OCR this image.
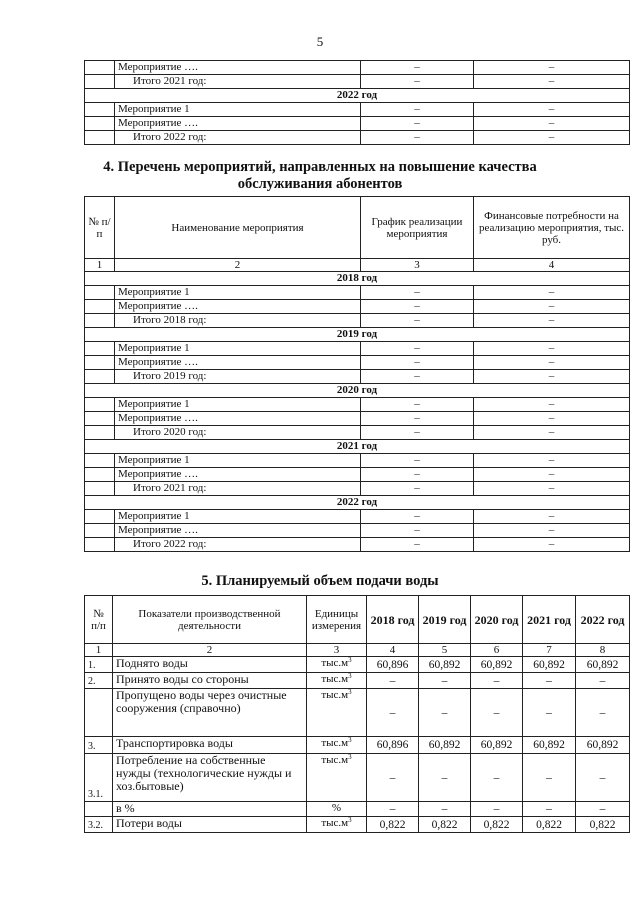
5
	Мероприятие ….	–	–
	Итого 2021 год:	–	–
2022 год			
	Мероприятие 1	–	–
	Мероприятие ….	–	–
	Итого 2022 год:	–	–
4. Перечень мероприятий, направленных на повышение качества
обслуживания абонентов
№ п/п	Наименование мероприятия	График реализации мероприятия	Финансовые потребности на реализацию мероприятия, тыс. руб.
1	2	3	4
2018 год			
	Мероприятие 1	–	–
	Мероприятие ….	–	–
	Итого 2018 год:	–	–
2019 год			
	Мероприятие 1	–	–
	Мероприятие ….	–	–
	Итого 2019 год:	–	–
2020 год			
	Мероприятие 1	–	–
	Мероприятие ….	–	–
	Итого 2020 год:	–	–
2021 год			
	Мероприятие 1	–	–
	Мероприятие ….	–	–
	Итого 2021 год:	–	–
2022 год			
	Мероприятие 1	–	–
	Мероприятие ….	–	–
	Итого 2022 год:	–	–
5. Планируемый объем подачи воды
№ п/п	Показатели производственной деятельности	Единицы измерения	2018 год	2019 год	2020 год	2021 год	2022 год
1	2	3	4	5	6	7	8
1.	Поднято воды	$тыс.м^3$	60,896	60,892	60,892	60,892	60,892
2.	Принято воды со стороны	$тыс.м^3$	–	–	–	–	–
	Пропущено воды через очистные сооружения (справочно)	$тыс.м^3$	–	–	–	–	–
3.	Транспортировка воды	$тыс.м^3$	60,896	60,892	60,892	60,892	60,892
3.1.	Потребление на собственные нужды (технологические нужды и хоз.бытовые)	$тыс.м^3$	–	–	–	–	–
	в %	%	–	–	–	–	–
3.2.	Потери воды	$тыс.м^3$	0,822	0,822	0,822	0,822	0,822
